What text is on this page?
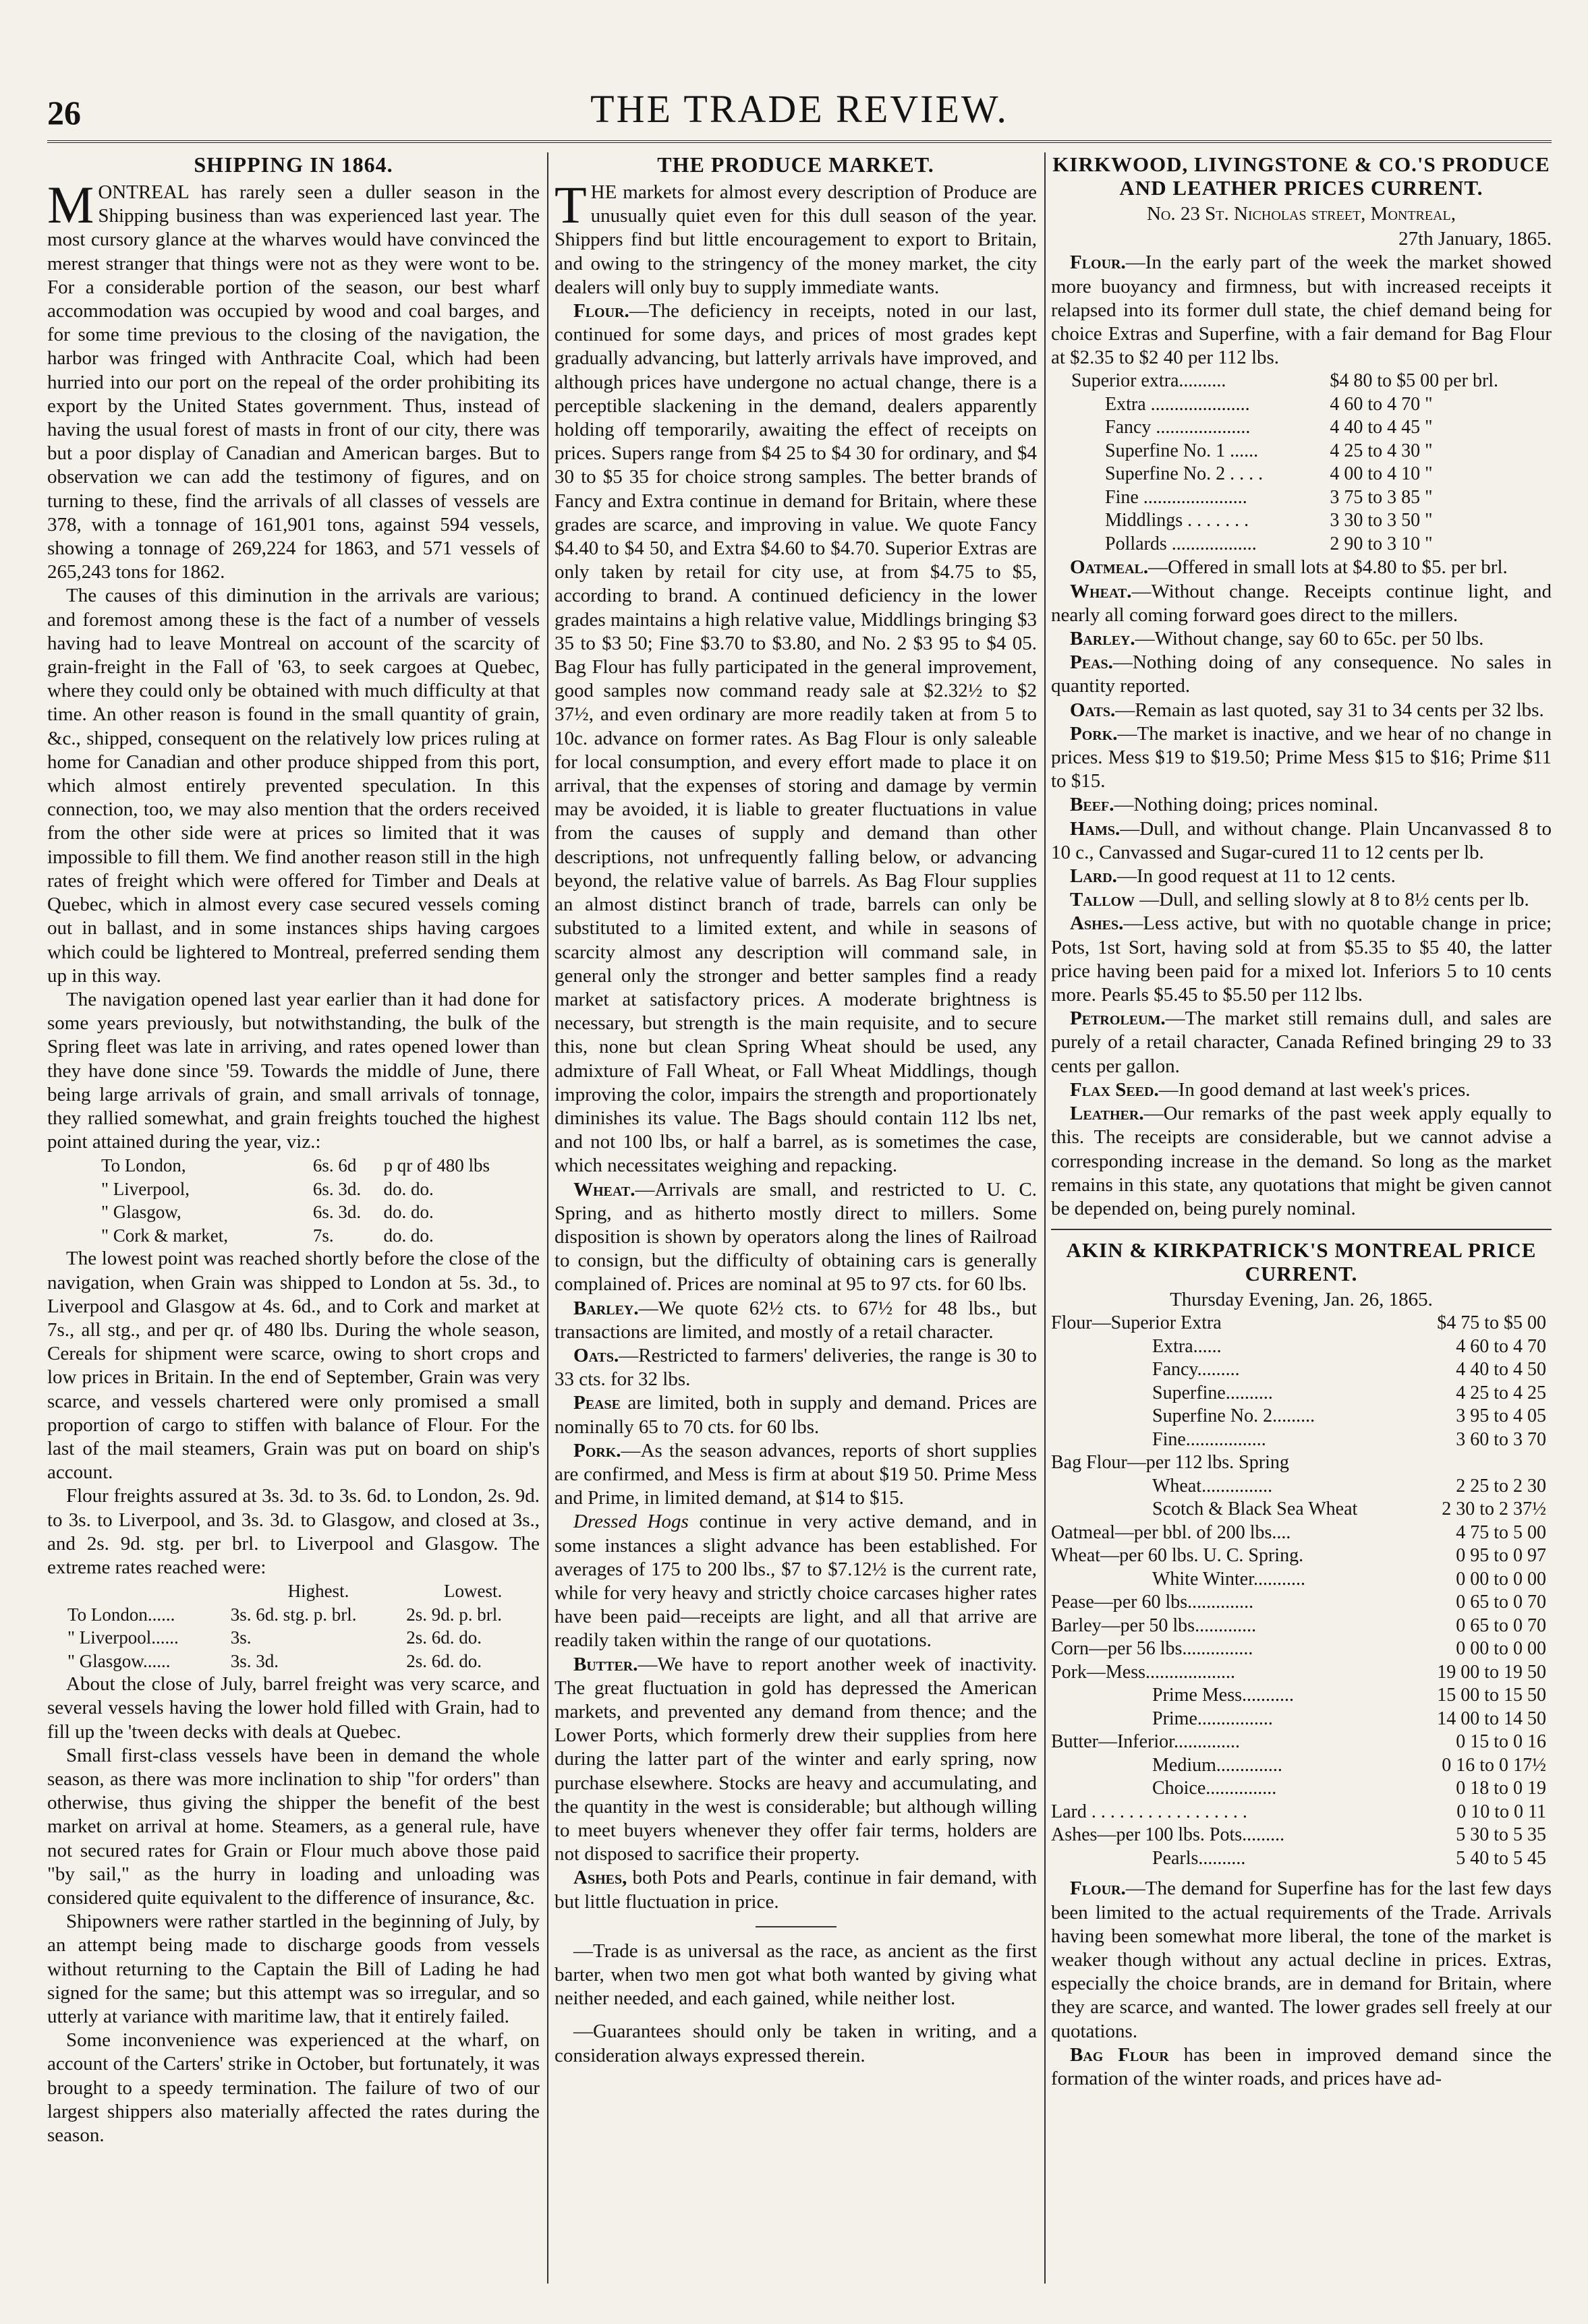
26	THE TRADE REVIEW.
SHIPPING IN 1864.

MONTREAL has rarely seen a duller season in the Shipping business than was experienced last year. The most cursory glance at the wharves would have convinced the merest stranger that things were not as they were wont to be. For a considerable portion of the season, our best wharf accommodation was occupied by wood and coal barges, and for some time previous to the closing of the navigation, the harbor was fringed with Anthracite Coal, which had been hurried into our port on the repeal of the order prohibiting its export by the United States government. Thus, instead of having the usual forest of masts in front of our city, there was but a poor display of Canadian and American barges. But to observation we can add the testimony of figures, and on turning to these, find the arrivals of all classes of vessels are 378, with a tonnage of 161,901 tons, against 594 vessels, showing a tonnage of 269,224 for 1863, and 571 vessels of 265,243 tons for 1862.

The causes of this diminution in the arrivals are various; and foremost among these is the fact of a number of vessels having had to leave Montreal on account of the scarcity of grain-freight in the Fall of '63, to seek cargoes at Quebec, where they could only be obtained with much difficulty at that time. An other reason is found in the small quantity of grain, &c., shipped, consequent on the relatively low prices ruling at home for Canadian and other produce shipped from this port, which almost entirely prevented speculation. In this connection, too, we may also mention that the orders received from the other side were at prices so limited that it was impossible to fill them. We find another reason still in the high rates of freight which were offered for Timber and Deals at Quebec, which in almost every case secured vessels coming out in ballast, and in some instances ships having cargoes which could be lightered to Montreal, preferred sending them up in this way.

The navigation opened last year earlier than it had done for some years previously, but notwithstanding, the bulk of the Spring fleet was late in arriving, and rates opened lower than they have done since '59. Towards the middle of June, there being large arrivals of grain, and small arrivals of tonnage, they rallied somewhat, and grain freights touched the highest point attained during the year, viz.:

To London,	6s. 6d	p qr of 480 lbs
" Liverpool,	6s. 3d.	do. do.
" Glasgow,	6s. 3d.	do. do.
" Cork & market,	7s.	do. do.

The lowest point was reached shortly before the close of the navigation, when Grain was shipped to London at 5s. 3d., to Liverpool and Glasgow at 4s. 6d., and to Cork and market at 7s., all stg., and per qr. of 480 lbs. During the whole season, Cereals for shipment were scarce, owing to short crops and low prices in Britain. In the end of September, Grain was very scarce, and vessels chartered were only promised a small proportion of cargo to stiffen with balance of Flour. For the last of the mail steamers, Grain was put on board on ship's account.

Flour freights assured at 3s. 3d. to 3s. 6d. to London, 2s. 9d. to 3s. to Liverpool, and 3s. 3d. to Glasgow, and closed at 3s., and 2s. 9d. stg. per brl. to Liverpool and Glasgow. The extreme rates reached were:

	Highest.	Lowest.
To London......	3s. 6d. stg. p. brl.	2s. 9d. p. brl.
" Liverpool......	3s.	2s. 6d. do.
" Glasgow......	3s. 3d.	2s. 6d. do.

About the close of July, barrel freight was very scarce, and several vessels having the lower hold filled with Grain, had to fill up the 'tween decks with deals at Quebec.

Small first-class vessels have been in demand the whole season, as there was more inclination to ship "for orders" than otherwise, thus giving the shipper the benefit of the best market on arrival at home. Steamers, as a general rule, have not secured rates for Grain or Flour much above those paid "by sail," as the hurry in loading and unloading was considered quite equivalent to the difference of insurance, &c.

Shipowners were rather startled in the beginning of July, by an attempt being made to discharge goods from vessels without returning to the Captain the Bill of Lading he had signed for the same; but this attempt was so irregular, and so utterly at variance with maritime law, that it entirely failed.

Some inconvenience was experienced at the wharf, on account of the Carters' strike in October, but fortunately, it was brought to a speedy termination. The failure of two of our largest shippers also materially affected the rates during the season.

THE PRODUCE MARKET.

THE markets for almost every description of Produce are unusually quiet even for this dull season of the year. Shippers find but little encouragement to export to Britain, and owing to the stringency of the money market, the city dealers will only buy to supply immediate wants.

Flour.—The deficiency in receipts, noted in our last, continued for some days, and prices of most grades kept gradually advancing, but latterly arrivals have improved, and although prices have undergone no actual change, there is a perceptible slackening in the demand, dealers apparently holding off temporarily, awaiting the effect of receipts on prices. Supers range from $4 25 to $4 30 for ordinary, and $4 30 to $5 35 for choice strong samples. The better brands of Fancy and Extra continue in demand for Britain, where these grades are scarce, and improving in value. We quote Fancy $4.40 to $4 50, and Extra $4.60 to $4.70. Superior Extras are only taken by retail for city use, at from $4.75 to $5, according to brand. A continued deficiency in the lower grades maintains a high relative value, Middlings bringing $3 35 to $3 50; Fine $3.70 to $3.80, and No. 2 $3 95 to $4 05. Bag Flour has fully participated in the general improvement, good samples now command ready sale at $2.32½ to $2 37½, and even ordinary are more readily taken at from 5 to 10c. advance on former rates. As Bag Flour is only saleable for local consumption, and every effort made to place it on arrival, that the expenses of storing and damage by vermin may be avoided, it is liable to greater fluctuations in value from the causes of supply and demand than other descriptions, not unfrequently falling below, or advancing beyond, the relative value of barrels. As Bag Flour supplies an almost distinct branch of trade, barrels can only be substituted to a limited extent, and while in seasons of scarcity almost any description will command sale, in general only the stronger and better samples find a ready market at satisfactory prices. A moderate brightness is necessary, but strength is the main requisite, and to secure this, none but clean Spring Wheat should be used, any admixture of Fall Wheat, or Fall Wheat Middlings, though improving the color, impairs the strength and proportionately diminishes its value. The Bags should contain 112 lbs net, and not 100 lbs, or half a barrel, as is sometimes the case, which necessitates weighing and repacking.

Wheat.—Arrivals are small, and restricted to U. C. Spring, and as hitherto mostly direct to millers. Some disposition is shown by operators along the lines of Railroad to consign, but the difficulty of obtaining cars is generally complained of. Prices are nominal at 95 to 97 cts. for 60 lbs.

Barley.—We quote 62½ cts. to 67½ for 48 lbs., but transactions are limited, and mostly of a retail character.

Oats.—Restricted to farmers' deliveries, the range is 30 to 33 cts. for 32 lbs.

Pease are limited, both in supply and demand. Prices are nominally 65 to 70 cts. for 60 lbs.

Pork.—As the season advances, reports of short supplies are confirmed, and Mess is firm at about $19 50. Prime Mess and Prime, in limited demand, at $14 to $15.

Dressed Hogs continue in very active demand, and in some instances a slight advance has been established. For averages of 175 to 200 lbs., $7 to $7.12½ is the current rate, while for very heavy and strictly choice carcases higher rates have been paid—receipts are light, and all that arrive are readily taken within the range of our quotations.

Butter.—We have to report another week of inactivity. The great fluctuation in gold has depressed the American markets, and prevented any demand from thence; and the Lower Ports, which formerly drew their supplies from here during the latter part of the winter and early spring, now purchase elsewhere. Stocks are heavy and accumulating, and the quantity in the west is considerable; but although willing to meet buyers whenever they offer fair terms, holders are not disposed to sacrifice their property.

Ashes, both Pots and Pearls, continue in fair demand, with but little fluctuation in price.

—Trade is as universal as the race, as ancient as the first barter, when two men got what both wanted by giving what neither needed, and each gained, while neither lost.

—Guarantees should only be taken in writing, and a consideration always expressed therein.

KIRKWOOD, LIVINGSTONE & CO.'S PRODUCE AND LEATHER PRICES CURRENT.
No. 23 St. Nicholas street, Montreal,
27th January, 1865.

Flour.—In the early part of the week the market showed more buoyancy and firmness, but with increased receipts it relapsed into its former dull state, the chief demand being for choice Extras and Superfine, with a fair demand for Bag Flour at $2.35 to $2 40 per 112 lbs.

Superior extra..........	$4 80 to $5 00 per brl.
Extra .....................	4 60 to 4 70 "
Fancy ....................	4 40 to 4 45 "
Superfine No. 1 ......	4 25 to 4 30 "
Superfine No. 2 . . . .	4 00 to 4 10 "
Fine ......................	3 75 to 3 85 "
Middlings . . . . . . .	3 30 to 3 50 "
Pollards ..................	2 90 to 3 10 "

Oatmeal.—Offered in small lots at $4.80 to $5. per brl.

Wheat.—Without change. Receipts continue light, and nearly all coming forward goes direct to the millers.

Barley.—Without change, say 60 to 65c. per 50 lbs.

Peas.—Nothing doing of any consequence. No sales in quantity reported.

Oats.—Remain as last quoted, say 31 to 34 cents per 32 lbs.

Pork.—The market is inactive, and we hear of no change in prices. Mess $19 to $19.50; Prime Mess $15 to $16; Prime $11 to $15.

Beef.—Nothing doing; prices nominal.

Hams.—Dull, and without change. Plain Uncanvassed 8 to 10 c., Canvassed and Sugar-cured 11 to 12 cents per lb.

Lard.—In good request at 11 to 12 cents.

Tallow —Dull, and selling slowly at 8 to 8½ cents per lb.

Ashes.—Less active, but with no quotable change in price; Pots, 1st Sort, having sold at from $5.35 to $5 40, the latter price having been paid for a mixed lot. Inferiors 5 to 10 cents more. Pearls $5.45 to $5.50 per 112 lbs.

Petroleum.—The market still remains dull, and sales are purely of a retail character, Canada Refined bringing 29 to 33 cents per gallon.

Flax Seed.—In good demand at last week's prices.

Leather.—Our remarks of the past week apply equally to this. The receipts are considerable, but we cannot advise a corresponding increase in the demand. So long as the market remains in this state, any quotations that might be given cannot be depended on, being purely nominal.

AKIN & KIRKPATRICK'S MONTREAL PRICE CURRENT.
Thursday Evening, Jan. 26, 1865.
Flour—Superior Extra	$4 75 to $5 00
Extra......	4 60 to 4 70
Fancy.........	4 40 to 4 50
Superfine..........	4 25 to 4 25
Superfine No. 2.........	3 95 to 4 05
Fine.................	3 60 to 3 70
Bag Flour—per 112 lbs. Spring	
Wheat...............	2 25 to 2 30
Scotch & Black Sea Wheat	2 30 to 2 37½
Oatmeal—per bbl. of 200 lbs....	4 75 to 5 00
Wheat—per 60 lbs. U. C. Spring.	0 95 to 0 97
White Winter...........	0 00 to 0 00
Pease—per 60 lbs..............	0 65 to 0 70
Barley—per 50 lbs.............	0 65 to 0 70
Corn—per 56 lbs...............	0 00 to 0 00
Pork—Mess...................	19 00 to 19 50
Prime Mess...........	15 00 to 15 50
Prime................	14 00 to 14 50
Butter—Inferior..............	0 15 to 0 16
Medium..............	0 16 to 0 17½
Choice...............	0 18 to 0 19
Lard . . . . . . . . . . . . . . . . .	0 10 to 0 11
Ashes—per 100 lbs. Pots.........	5 30 to 5 35
Pearls..........	5 40 to 5 45

Flour.—The demand for Superfine has for the last few days been limited to the actual requirements of the Trade. Arrivals having been somewhat more liberal, the tone of the market is weaker though without any actual decline in prices. Extras, especially the choice brands, are in demand for Britain, where they are scarce, and wanted. The lower grades sell freely at our quotations.

Bag Flour has been in improved demand since the formation of the winter roads, and prices have ad-
